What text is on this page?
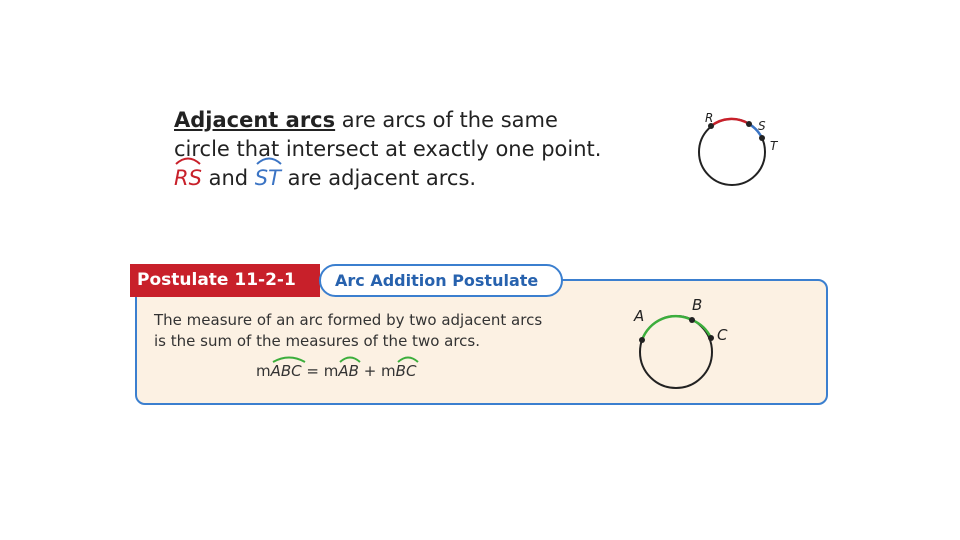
Adjacent arcs are arcs of the same
circle that intersect at exactly one point.

RS and
ST are adjacent arcs.
R
S
T
Postulate 11-2-1	Arc Addition Postulate
The measure of an arc formed by two adjacent arcs
is the sum of the measures of the two arcs.
m
ABC = m
AB + m
BC
A
B
C
